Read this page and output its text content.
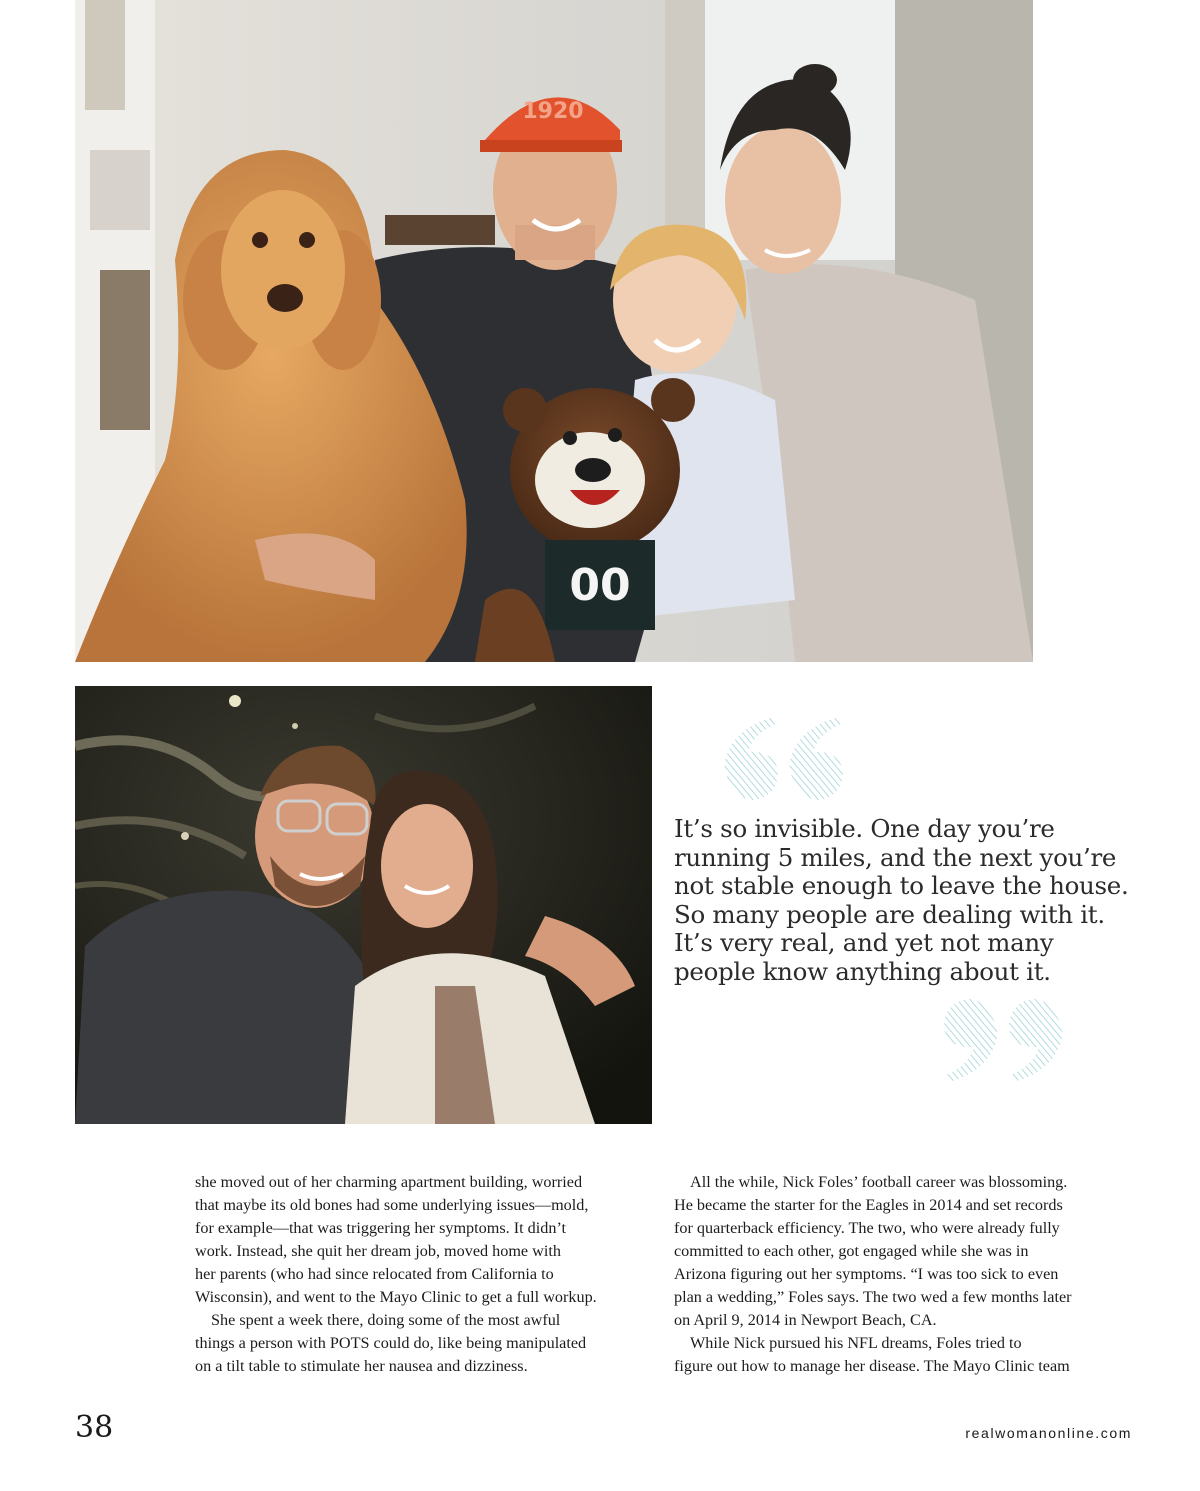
1920
00
It’s so invisible. One day you’re
running 5 miles, and the next you’re
not stable enough to leave the house.
So many people are dealing with it.
It’s very real, and yet not many
people know anything about it.
she moved out of her charming apartment building, worried
that maybe its old bones had some underlying issues—mold,
for example—that was triggering her symptoms. It didn’t
work. Instead, she quit her dream job, moved home with
her parents (who had since relocated from California to
Wisconsin), and went to the Mayo Clinic to get a full workup.
She spent a week there, doing some of the most awful
things a person with POTS could do, like being manipulated
on a tilt table to stimulate her nausea and dizziness.
All the while, Nick Foles’ football career was blossoming.
He became the starter for the Eagles in 2014 and set records
for quarterback efficiency. The two, who were already fully
committed to each other, got engaged while she was in
Arizona figuring out her symptoms. “I was too sick to even
plan a wedding,” Foles says. The two wed a few months later
on April 9, 2014 in Newport Beach, CA.
While Nick pursued his NFL dreams, Foles tried to
figure out how to manage her disease. The Mayo Clinic team
38	realwomanonline.com
